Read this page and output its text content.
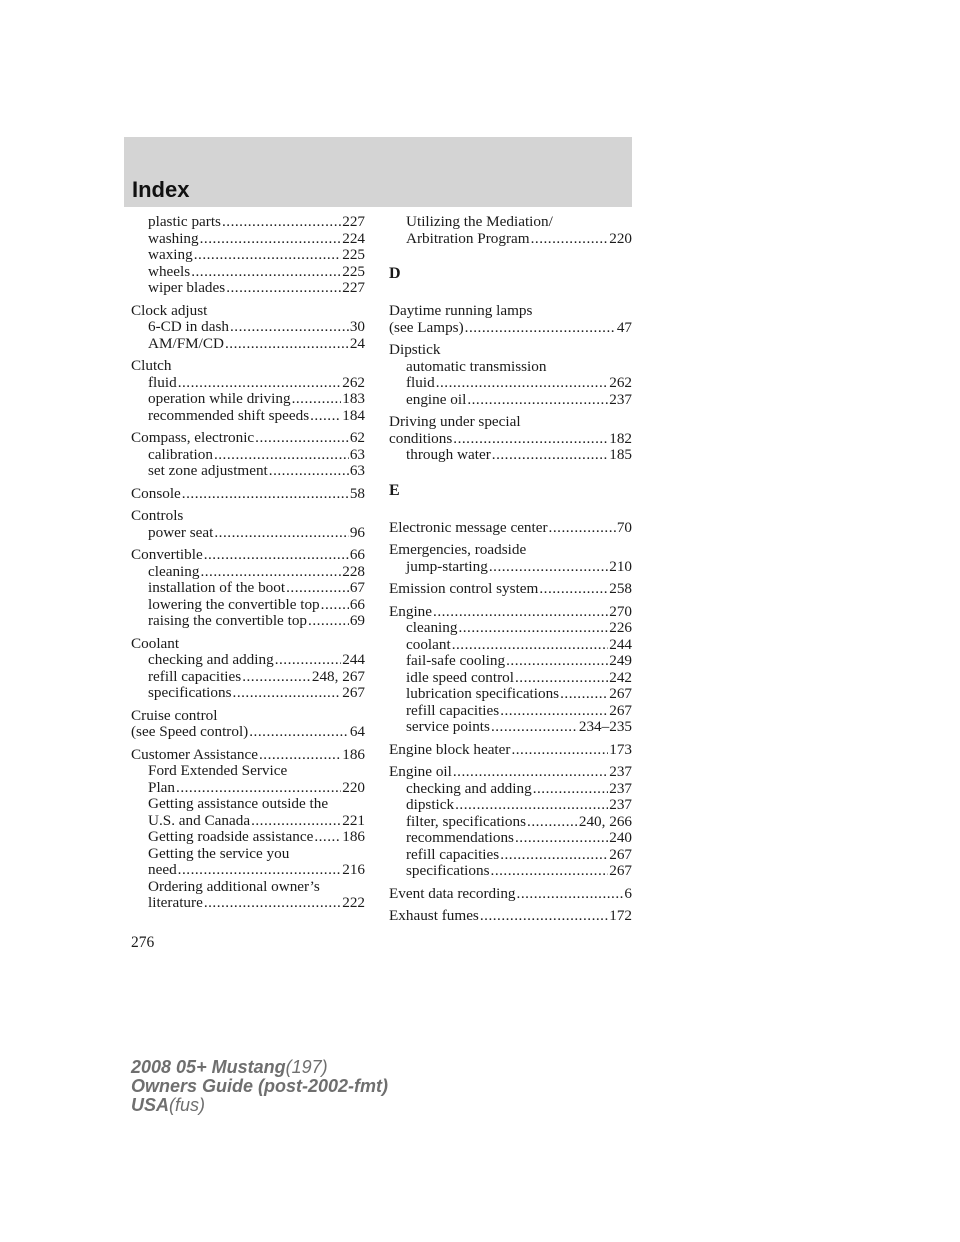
Index
plastic parts .....	227
washing .....	224
waxing .....	225
wheels .....	225
wiper blades .....	227
Clock adjust
6-CD in dash .....	30
AM/FM/CD .....	24
Clutch
fluid .....	262
operation while driving .....	183
recommended shift speeds ..... 184
Compass, electronic .....	62
calibration .....	63
set zone adjustment .....	63
Console .....	58
Controls
power seat .....	96
Convertible .....	66
cleaning .....	228
installation of the boot .....	67
lowering the convertible top ..... 66
raising the convertible top .....	69
Coolant
checking and adding .....	244
refill capacities .....	248, 267
specifications .....	267
Cruise control
(see Speed control) .....	64
Customer Assistance .....	186
Ford Extended Service
Plan .....	220
Getting assistance outside the
U.S. and Canada .....	221
Getting roadside assistance ..... 186
Getting the service you
need .....	216
Ordering additional owner’s
literature .....	222
Utilizing the Mediation/
Arbitration Program .....	220
D
Daytime running lamps
(see Lamps) .....	47
Dipstick
automatic transmission
fluid .....	262
engine oil .....	237
Driving under special
conditions .....	182
through water .....	185
E
Electronic message center .....	70
Emergencies, roadside
jump-starting .....	210
Emission control system .....	258
Engine .....	270
cleaning .....	226
coolant .....	244
fail-safe cooling .....	249
idle speed control .....	242
lubrication specifications .....	267
refill capacities .....	267
service points .....	234–235
Engine block heater .....	173
Engine oil .....	237
checking and adding .....	237
dipstick .....	237
filter, specifications .....	240, 266
recommendations .....	240
refill capacities .....	267
specifications .....	267
Event data recording .....	6
Exhaust fumes .....	172
276
2008 05+ Mustang(197)
Owners Guide (post-2002-fmt)
USA(fus)
